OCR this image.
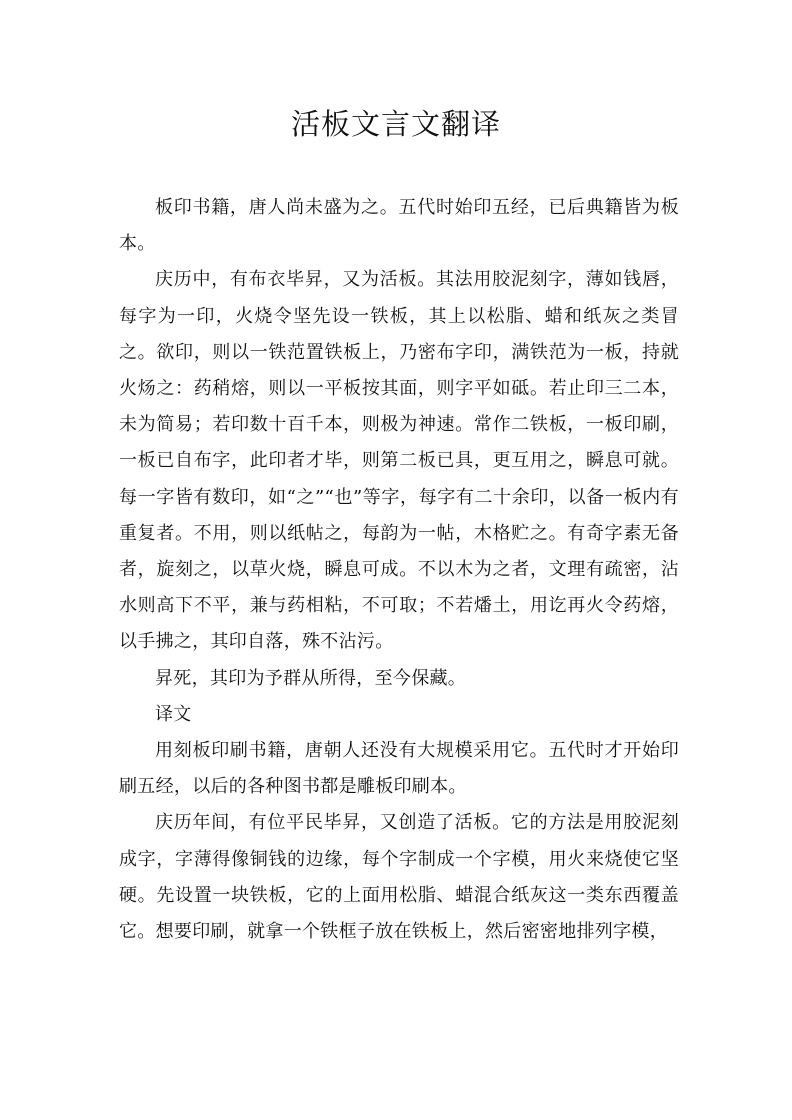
活板文言文翻译

板印书籍，唐人尚未盛为之。五代时始印五经，已后典籍皆为板本。

庆历中，有布衣毕昇，又为活板。其法用胶泥刻字，薄如钱唇，每字为一印，火烧令坚先设一铁板，其上以松脂、蜡和纸灰之类冒之。欲印，则以一铁范置铁板上，乃密布字印，满铁范为一板，持就火炀之：药稍熔，则以一平板按其面，则字平如砥。若止印三二本，未为简易；若印数十百千本，则极为神速。常作二铁板，一板印刷，一板已自布字，此印者才毕，则第二板已具，更互用之，瞬息可就。每一字皆有数印，如“之”“也”等字，每字有二十余印，以备一板内有重复者。不用，则以纸帖之，每韵为一帖，木格贮之。有奇字素无备者，旋刻之，以草火烧，瞬息可成。不以木为之者，文理有疏密，沾水则高下不平，兼与药相粘，不可取；不若燔土，用讫再火令药熔，以手拂之，其印自落，殊不沾污。

昇死，其印为予群从所得，至今保藏。

译文

用刻板印刷书籍，唐朝人还没有大规模采用它。五代时才开始印刷五经，以后的各种图书都是雕板印刷本。

庆历年间，有位平民毕昇，又创造了活板。它的方法是用胶泥刻成字，字薄得像铜钱的边缘，每个字制成一个字模，用火来烧使它坚硬。先设置一块铁板，它的上面用松脂、蜡混合纸灰这一类东西覆盖它。想要印刷，就拿一个铁框子放在铁板上，然后密密地排列字模，
